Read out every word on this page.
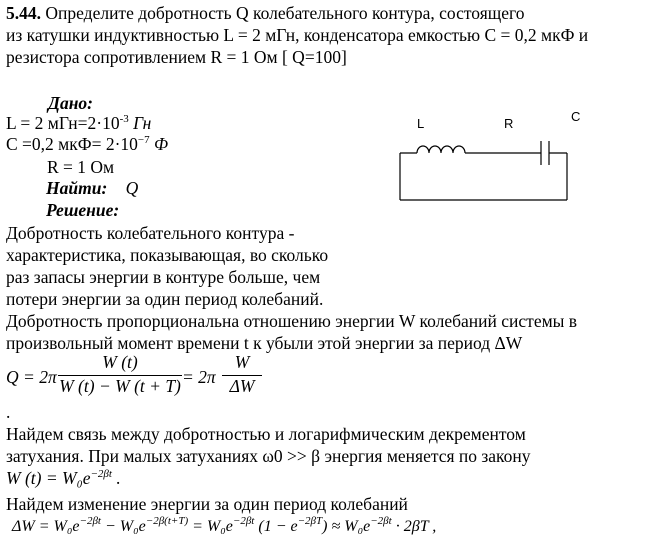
5.44. Определите добротность Q колебательного контура, состоящего
из катушки индуктивностью L = 2 мГн, конденсатора емкостью C = 0,2 мкФ и
резистора сопротивлением R = 1 Ом [ Q=100]
Дано:
L = 2 $мГн=2\cdot 10^{-3}$ Гн
C =0,2 $мкФ= 2\cdot 10^{-7}$ Ф
R = 1 Ом
Найти: Q
Решение:
L	R	C
Добротность колебательного контура -
характеристика, показывающая, во сколько
раз запасы энергии в контуре больше, чем
потери энергии за один период колебаний.
Добротность пропорциональна отношению энергии W колебаний системы в
произвольный момент времени t к убыли этой энергии за период ΔW
Q = 2π
W (t)
W (t) − W (t + T) = 2π
W
ΔW
.
Найдем связь между добротностью и логарифмическим декрементом
затухания. При малых затуханиях ω0 >> β энергия меняется по закону
W $(t) = W_0e^{-2\beta t}$ .
Найдем изменение энергии за один период колебаний
$\Delta W = W_0e^{-2\beta t} - W_0e^{-2\beta(t+T)} = W_0e^{-2\beta t}$ $(1 - e^{-2\beta T}) \approx W_0e^{-2\beta t} \cdot 2\beta T$ ,
